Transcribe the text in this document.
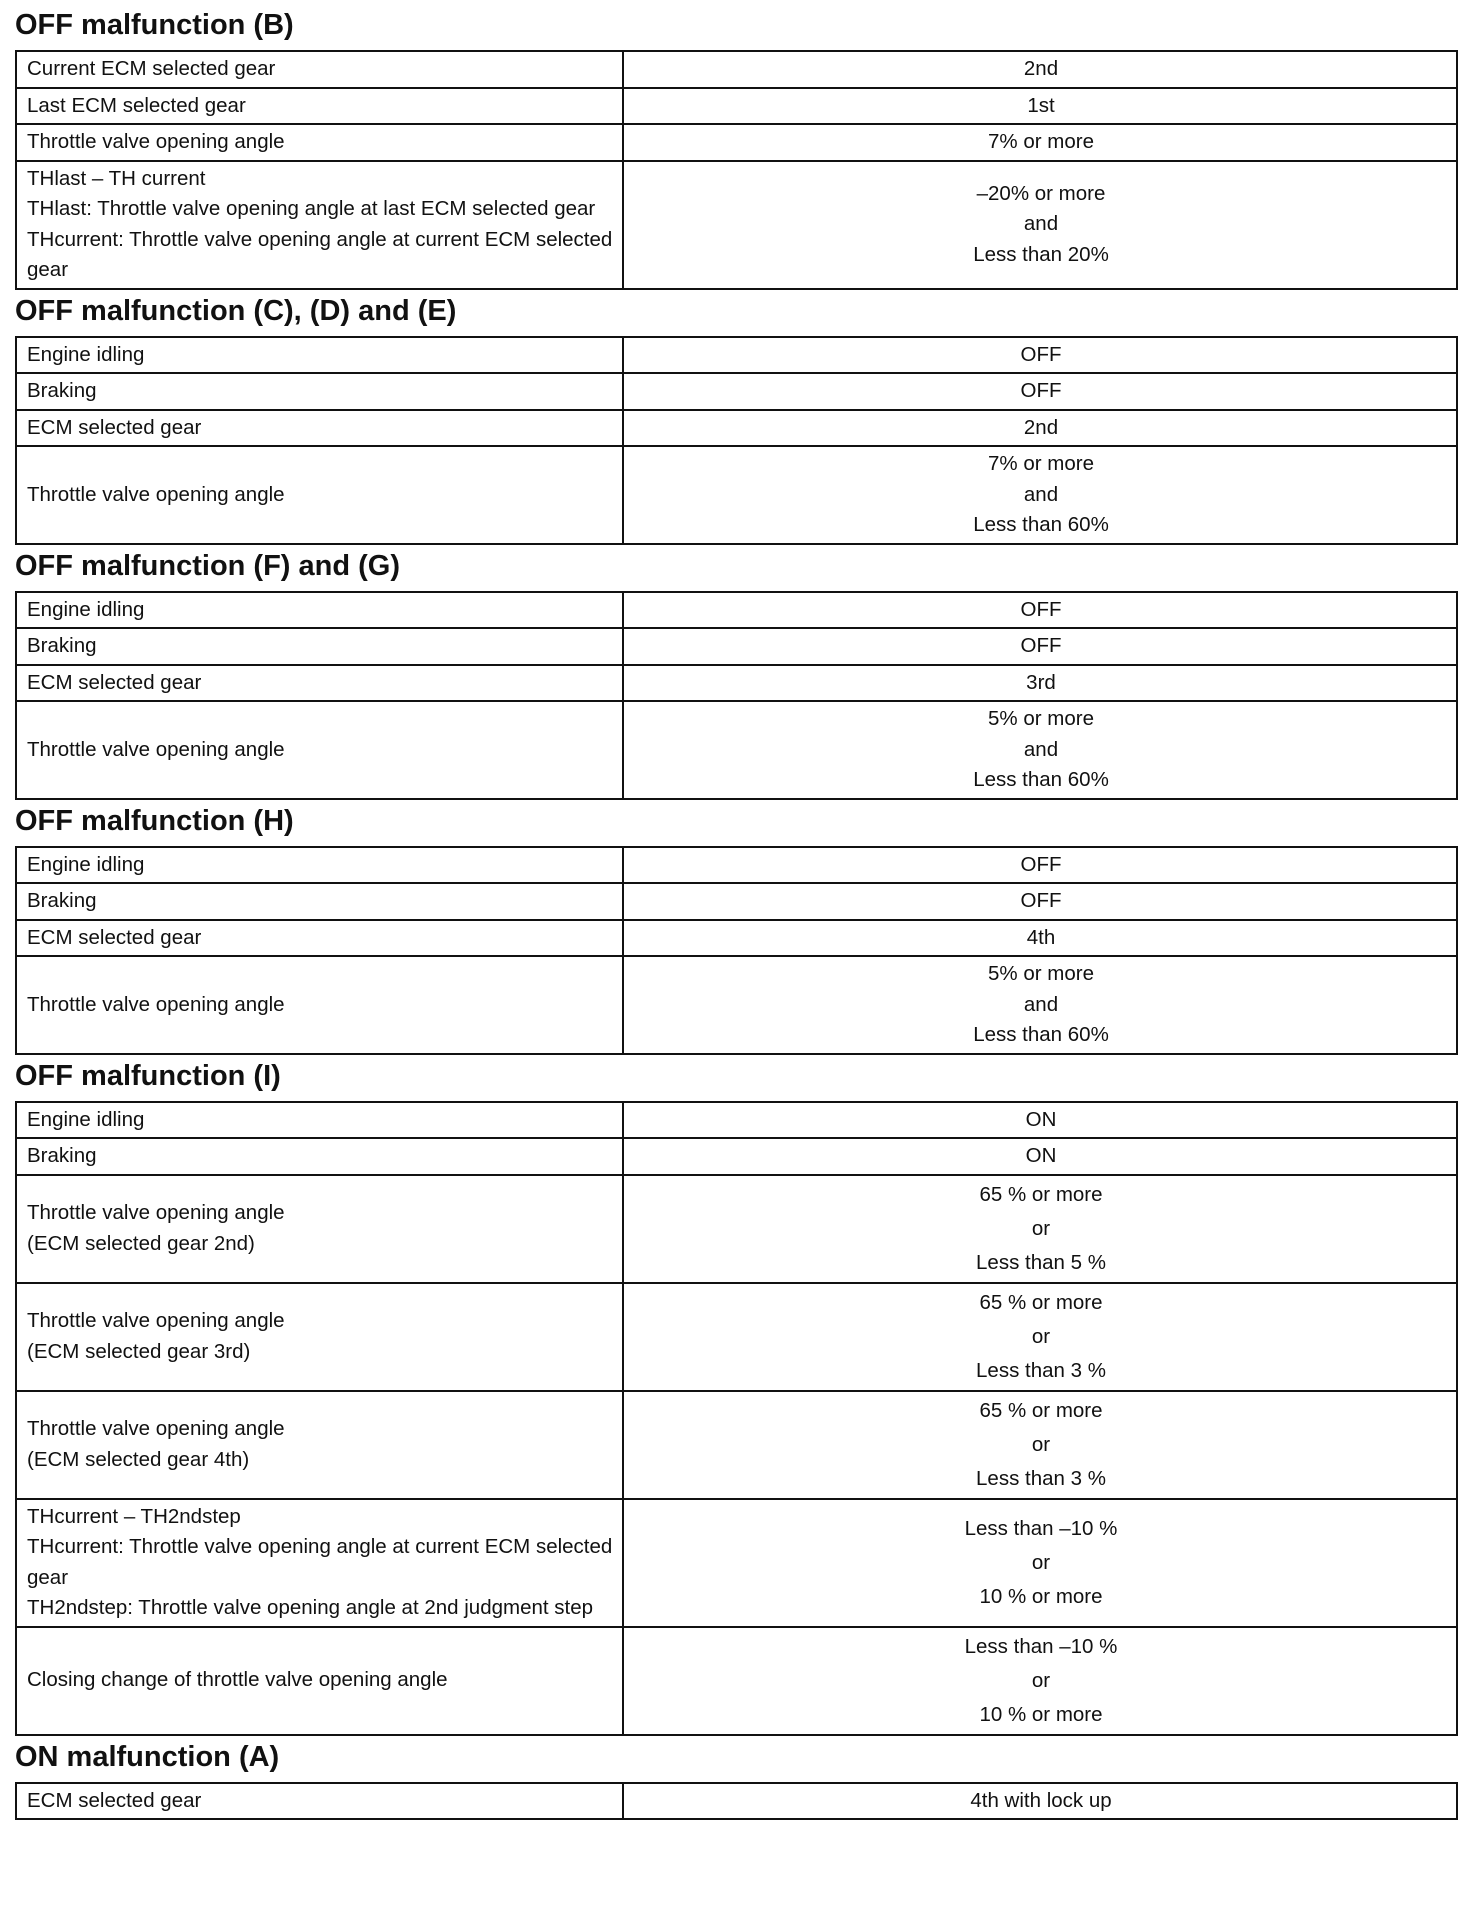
OFF malfunction (B)
Current ECM selected gear	2nd

Last ECM selected gear	1st

Throttle valve opening angle	7% or more

THlast – TH current
THlast: Throttle valve opening angle at last ECM selected gear
THcurrent: Throttle valve opening angle at current ECM selected gear	–20% or more
and
Less than 20%
OFF malfunction (C), (D) and (E)
Engine idling	OFF

Braking	OFF

ECM selected gear	2nd

Throttle valve opening angle	7% or more
and
Less than 60%
OFF malfunction (F) and (G)
Engine idling	OFF

Braking	OFF

ECM selected gear	3rd

Throttle valve opening angle	5% or more
and
Less than 60%
OFF malfunction (H)
Engine idling	OFF

Braking	OFF

ECM selected gear	4th

Throttle valve opening angle	5% or more
and
Less than 60%
OFF malfunction (I)
Engine idling	ON

Braking	ON

Throttle valve opening angle
(ECM selected gear 2nd)	65 % or more
or
Less than 5 %

Throttle valve opening angle
(ECM selected gear 3rd)	65 % or more
or
Less than 3 %

Throttle valve opening angle
(ECM selected gear 4th)	65 % or more
or
Less than 3 %

THcurrent – TH2ndstep
THcurrent: Throttle valve opening angle at current ECM selected gear
TH2ndstep: Throttle valve opening angle at 2nd judgment step	Less than –10 %
or
10 % or more

Closing change of throttle valve opening angle	Less than –10 %
or
10 % or more
ON malfunction (A)
ECM selected gear	4th with lock up
